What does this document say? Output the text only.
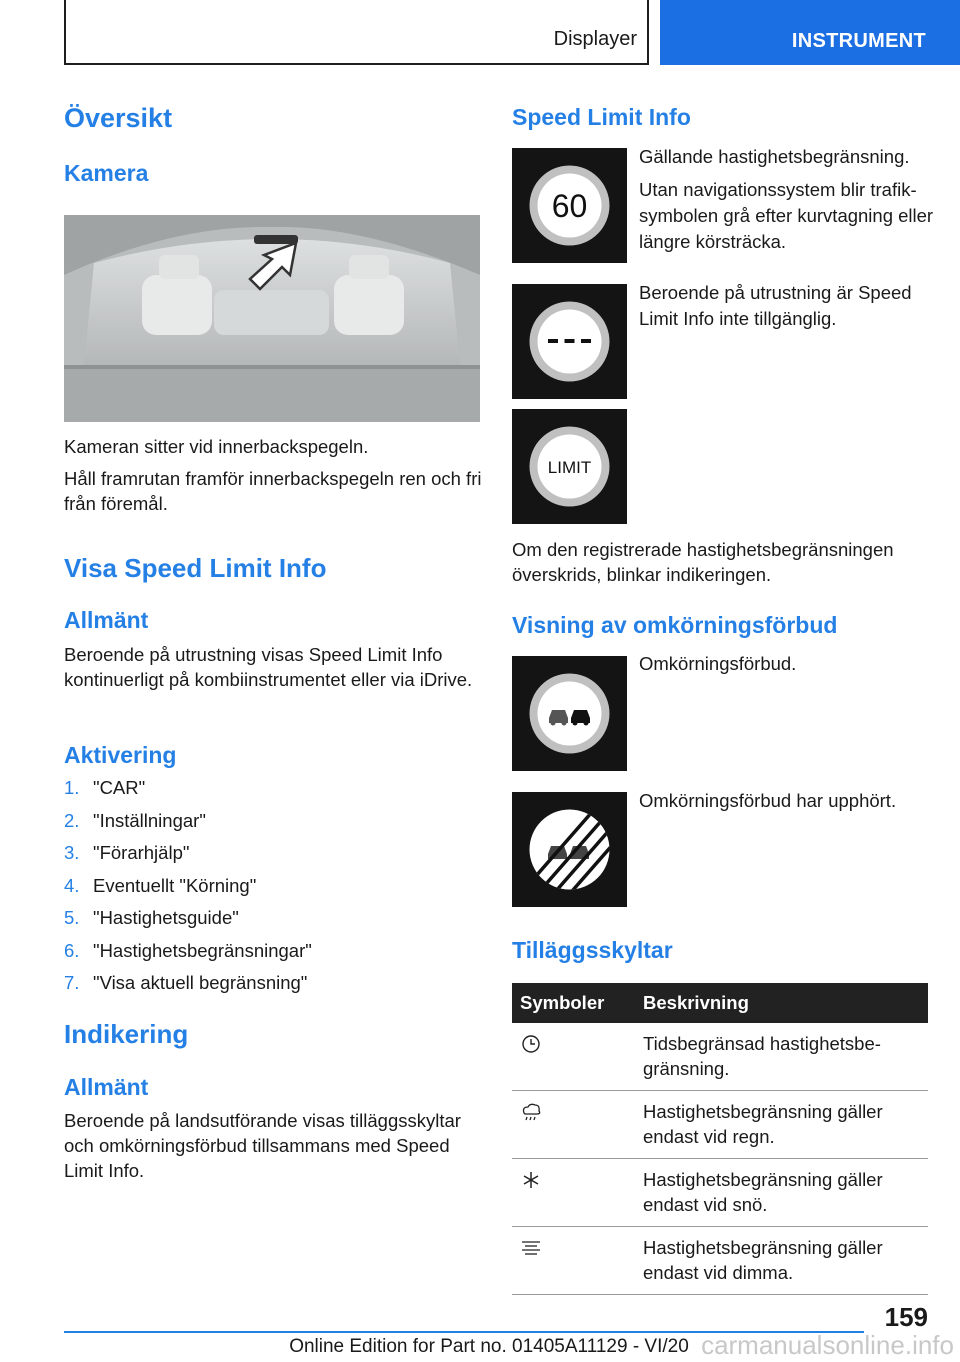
Displayer	INSTRUMENT
Översikt
Kamera
Kameran sitter vid innerbackspegeln.
Håll framrutan framför innerbackspegeln ren och fri från föremål.
Visa Speed Limit Info
Allmänt
Beroende på utrustning visas Speed Limit Info kontinuerligt på kombiinstrumentet eller via iDrive.
Aktivering
1. "CAR"
2. "Inställningar"
3. "Förarhjälp"
4. Eventuellt "Körning"
5. "Hastighetsguide"
6. "Hastighetsbegränsningar"
7. "Visa aktuell begränsning"
Indikering
Allmänt
Beroende på landsutförande visas tilläggsskyltar och omkörningsförbud tillsammans med Speed Limit Info.
Speed Limit Info
60
Gällande hastighetsbegränsning.
Utan navigationssystem blir trafiksymbolen grå efter kurvtagning eller längre körsträcka.
Beroende på utrustning är Speed Limit Info inte tillgänglig.
LIMIT
Om den registrerade hastighetsbegränsningen överskrids, blinkar indikeringen.
Visning av omkörningsförbud
Omkörningsförbud.
Omkörningsförbud har upphört.
Tilläggsskyltar
Symboler	Beskrivning
Tidsbegränsad hastighetsbegränsning.
Hastighetsbegränsning gäller endast vid regn.
Hastighetsbegränsning gäller endast vid snö.
Hastighetsbegränsning gäller endast vid dimma.
159
Online Edition for Part no. 01405A11129 - VI/20 carmanualsonline.info
